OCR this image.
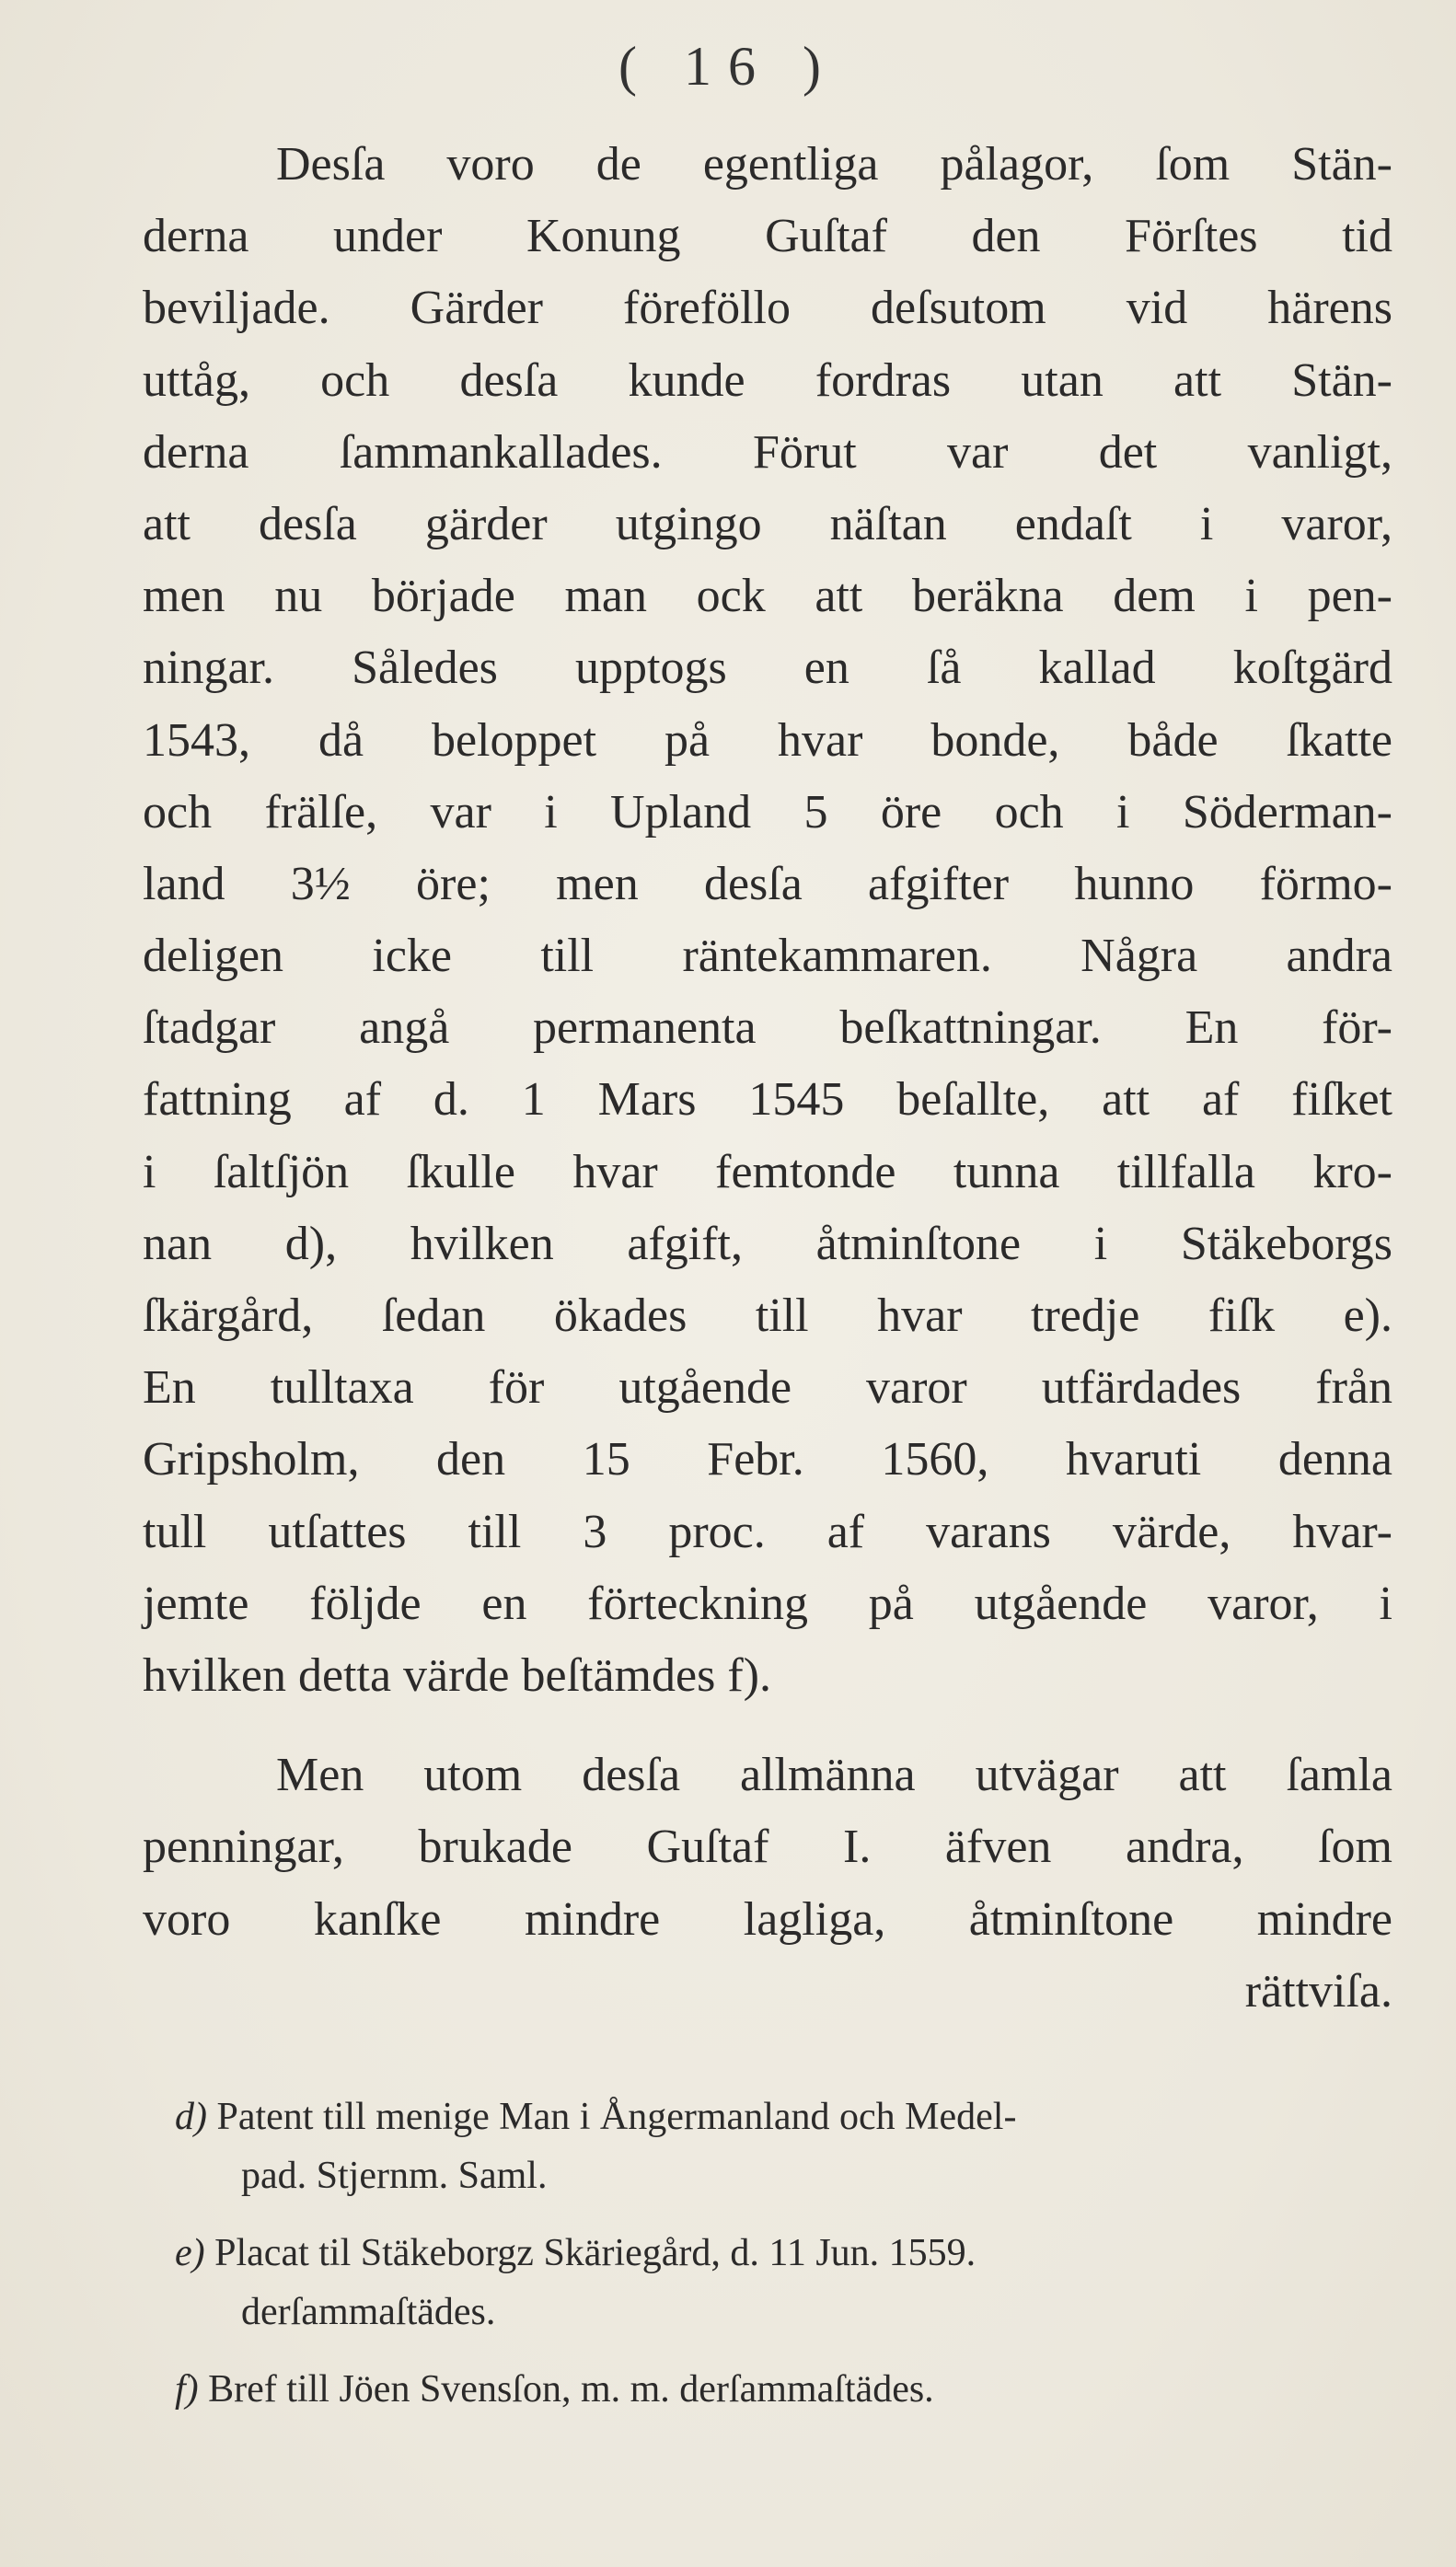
( 16 )
Desſa voro de egentliga pålagor, ſom Stän-
derna under Konung Guſtaf den Förſtes tid
beviljade. Gärder föreföllo deſsutom vid härens
uttåg, och desſa kunde fordras utan att Stän-
derna ſammankallades. Förut var det vanligt,
att desſa gärder utgingo näſtan endaſt i varor,
men nu började man ock att beräkna dem i pen-
ningar. Således upptogs en ſå kallad koſtgärd
1543, då beloppet på hvar bonde, både ſkatte
och frälſe, var i Upland 5 öre och i Söderman-
land 3½ öre; men desſa afgifter hunno förmo-
deligen icke till räntekammaren. Några andra
ſtadgar angå permanenta beſkattningar. En för-
fattning af d. 1 Mars 1545 beſallte, att af fiſket
i ſaltſjön ſkulle hvar femtonde tunna tillfalla kro-
nan d), hvilken afgift, åtminſtone i Stäkeborgs
ſkärgård, ſedan ökades till hvar tredje fiſk e).
En tulltaxa för utgående varor utfärdades från
Gripsholm, den 15 Febr. 1560, hvaruti denna
tull utſattes till 3 proc. af varans värde, hvar-
jemte följde en förteckning på utgående varor, i
hvilken detta värde beſtämdes f).
Men utom desſa allmänna utvägar att ſamla
penningar, brukade Guſtaf I. äfven andra, ſom
voro kanſke mindre lagliga, åtminſtone mindre
rättviſa.
d) Patent till menige Man i Ångermanland och Medel-
pad. Stjernm. Saml.
e) Placat til Stäkeborgz Skäriegård, d. 11 Jun. 1559.
derſammaſtädes.
f) Bref till Jöen Svensſon, m. m. derſammaſtädes.
